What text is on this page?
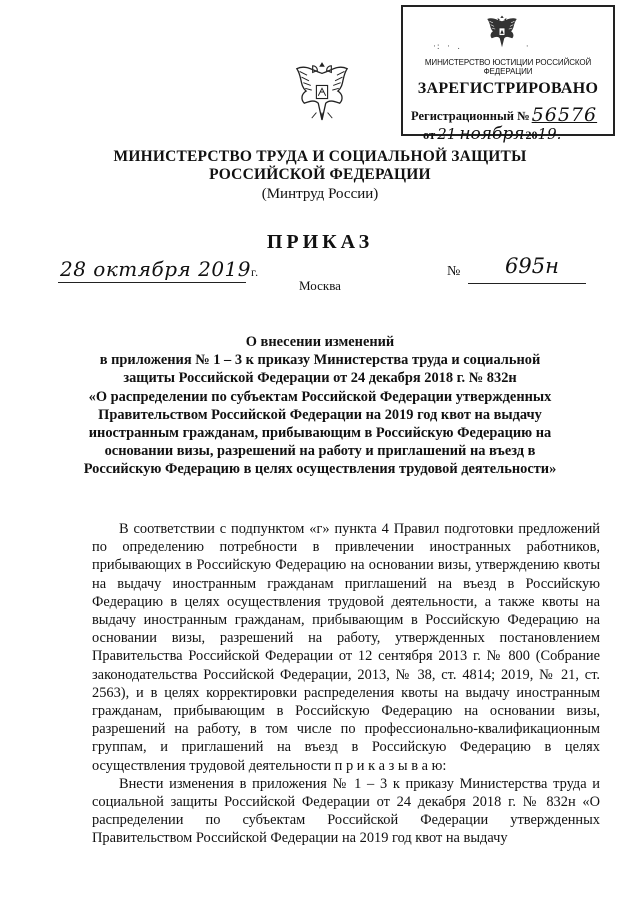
·:  ·  .                    ·
МИНИСТЕРСТВО ЮСТИЦИИ РОССИЙСКОЙ ФЕДЕРАЦИИ
ЗАРЕГИСТРИРОВАНО
Регистрационный № 56576
от 21 ноября2019.
МИНИСТЕРСТВО ТРУДА И СОЦИАЛЬНОЙ ЗАЩИТЫ
РОССИЙСКОЙ ФЕДЕРАЦИИ
(Минтруд России)
ПРИКАЗ
28 октября 2019г.	№ 695н
Москва
О внесении изменений
в приложения № 1 – 3 к приказу Министерства труда и социальной
защиты Российской Федерации от 24 декабря 2018 г. № 832н
«О распределении по субъектам Российской Федерации утвержденных
Правительством Российской Федерации на 2019 год квот на выдачу
иностранным гражданам, прибывающим в Российскую Федерацию на
основании визы, разрешений на работу и приглашений на въезд в
Российскую Федерацию в целях осуществления трудовой деятельности»

В соответствии с подпунктом «г» пункта 4 Правил подготовки предложений по определению потребности в привлечении иностранных работников, прибывающих в Российскую Федерацию на основании визы, утверждению квоты на выдачу иностранным гражданам приглашений на въезд в Российскую Федерацию в целях осуществления трудовой деятельности, а также квоты на выдачу иностранным гражданам, прибывающим в Российскую Федерацию на основании визы, разрешений на работу, утвержденных постановлением Правительства Российской Федерации от 12 сентября 2013 г. № 800 (Собрание законодательства Российской Федерации, 2013, № 38, ст. 4814; 2019, № 21, ст. 2563), и в целях корректировки распределения квоты на выдачу иностранным гражданам, прибывающим в Российскую Федерацию на основании визы, разрешений на работу, в том числе по профессионально-квалификационным группам, и приглашений на въезд в Российскую Федерацию в целях осуществления трудовой деятельности п р и к а з ы в а ю:

Внести изменения в приложения № 1 – 3 к приказу Министерства труда и социальной защиты Российской Федерации от 24 декабря 2018 г. № 832н «О распределении по субъектам Российской Федерации утвержденных Правительством Российской Федерации на 2019 год квот на выдачу
